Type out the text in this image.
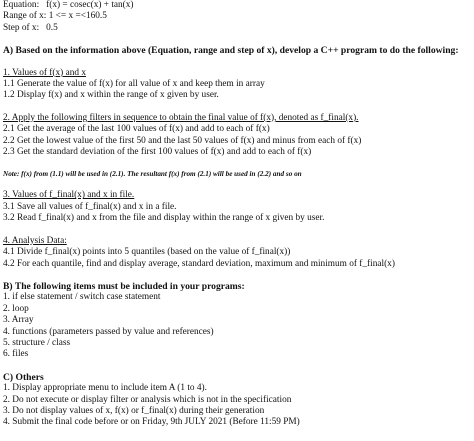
Equation:   f(x) = cosec(x) + tan(x)
Range of x: 1 <= x =<160.5
Step of x:   0.5
A) Based on the information above (Equation, range and step of x), develop a C++ program to do the following:
1. Values of f(x) and x
1.1 Generate the value of f(x) for all value of x and keep them in array
1.2 Display f(x) and x within the range of x given by user.
2. Apply the following filters in sequence to obtain the final value of f(x), denoted as f_final(x).
2.1 Get the average of the last 100 values of f(x) and add to each of f(x)
2.2 Get the lowest value of the first 50 and the last 50 values of f(x) and minus from each of f(x)
2.3 Get the standard deviation of the first 100 values of f(x) and add to each of f(x)
Note: f(x) from (1.1) will be used in (2.1). The resultant f(x) from (2.1) will be used in (2.2) and so on
3. Values of f_final(x) and x in file.
3.1 Save all values of f_final(x) and x in a file.
3.2 Read f_final(x) and x from the file and display within the range of x given by user.
4. Analysis Data:
4.1 Divide f_final(x) points into 5 quantiles (based on the value of f_final(x))
4.2 For each quantile, find and display average, standard deviation, maximum and minimum of f_final(x)
B) The following items must be included in your programs:
1. if else statement / switch case statement
2. loop
3. Array
4. functions (parameters passed by value and references)
5. structure / class
6. files
C) Others
1. Display appropriate menu to include item A (1 to 4).
2. Do not execute or display filter or analysis which is not in the specification
3. Do not display values of x, f(x) or f_final(x) during their generation
4. Submit the final code before or on Friday, 9th JULY 2021 (Before 11:59 PM)
